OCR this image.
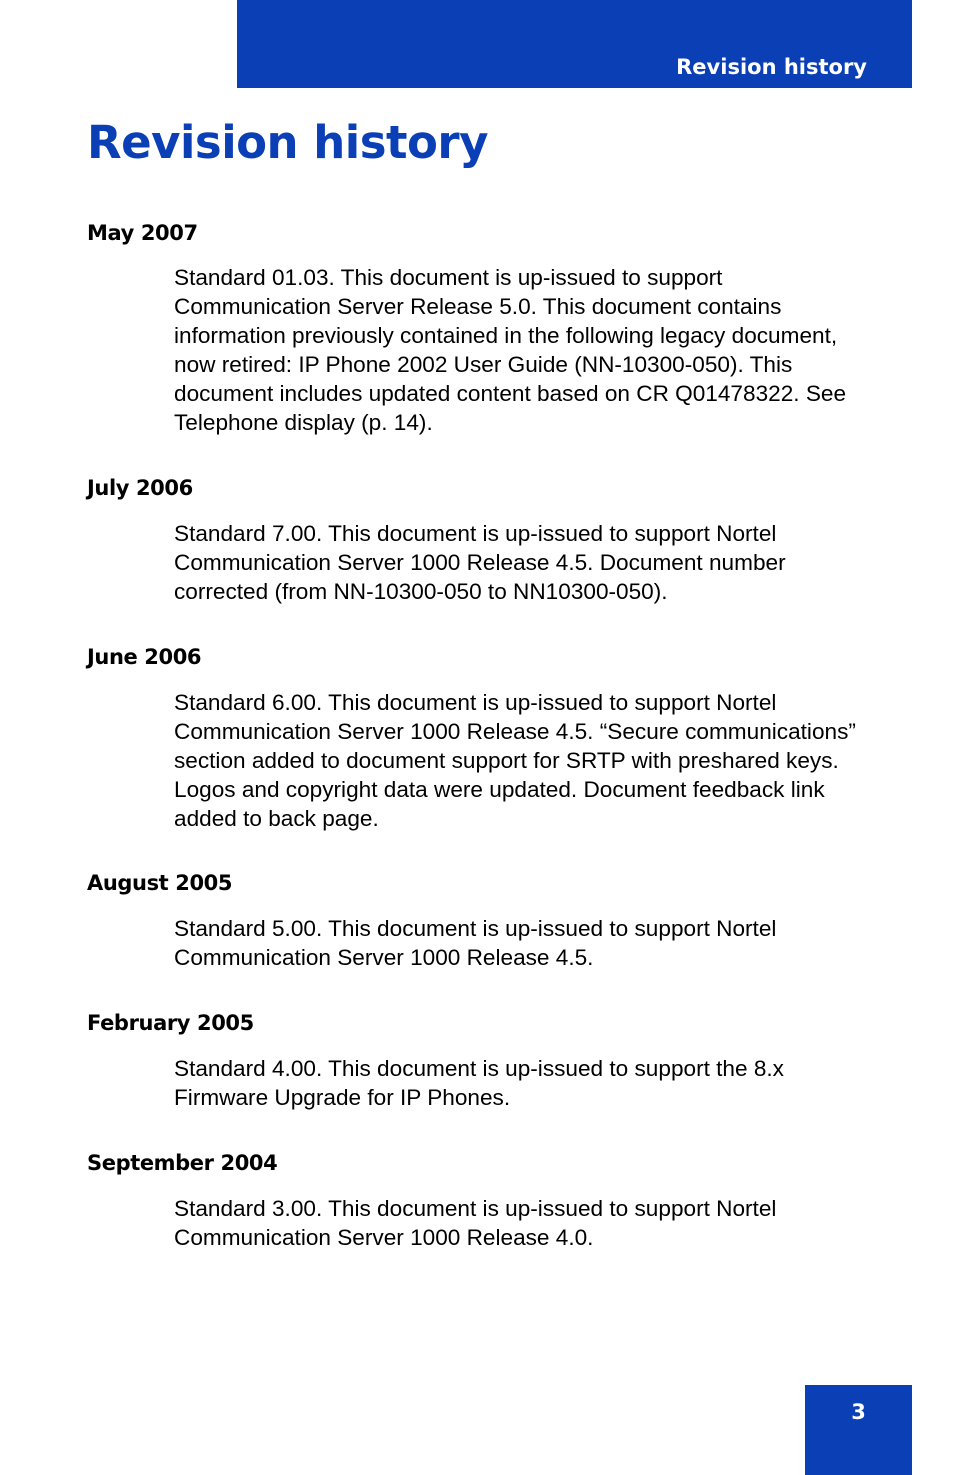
Revision history
Revision history
May 2007

Standard 01.03. This document is up-issued to support Communication Server Release 5.0. This document contains information previously contained in the following legacy document, now retired: IP Phone 2002 User Guide (NN-10300-050). This document includes updated content based on CR Q01478322. See Telephone display (p. 14).

July 2006

Standard 7.00. This document is up-issued to support Nortel Communication Server 1000 Release 4.5. Document number corrected (from NN-10300-050 to NN10300-050).

June 2006

Standard 6.00. This document is up-issued to support Nortel Communication Server 1000 Release 4.5. “Secure communications” section added to document support for SRTP with preshared keys. Logos and copyright data were updated. Document feedback link added to back page.

August 2005

Standard 5.00. This document is up-issued to support Nortel Communication Server 1000 Release 4.5.

February 2005

Standard 4.00. This document is up-issued to support the 8.x Firmware Upgrade for IP Phones.

September 2004

Standard 3.00. This document is up-issued to support Nortel Communication Server 1000 Release 4.0.

3
